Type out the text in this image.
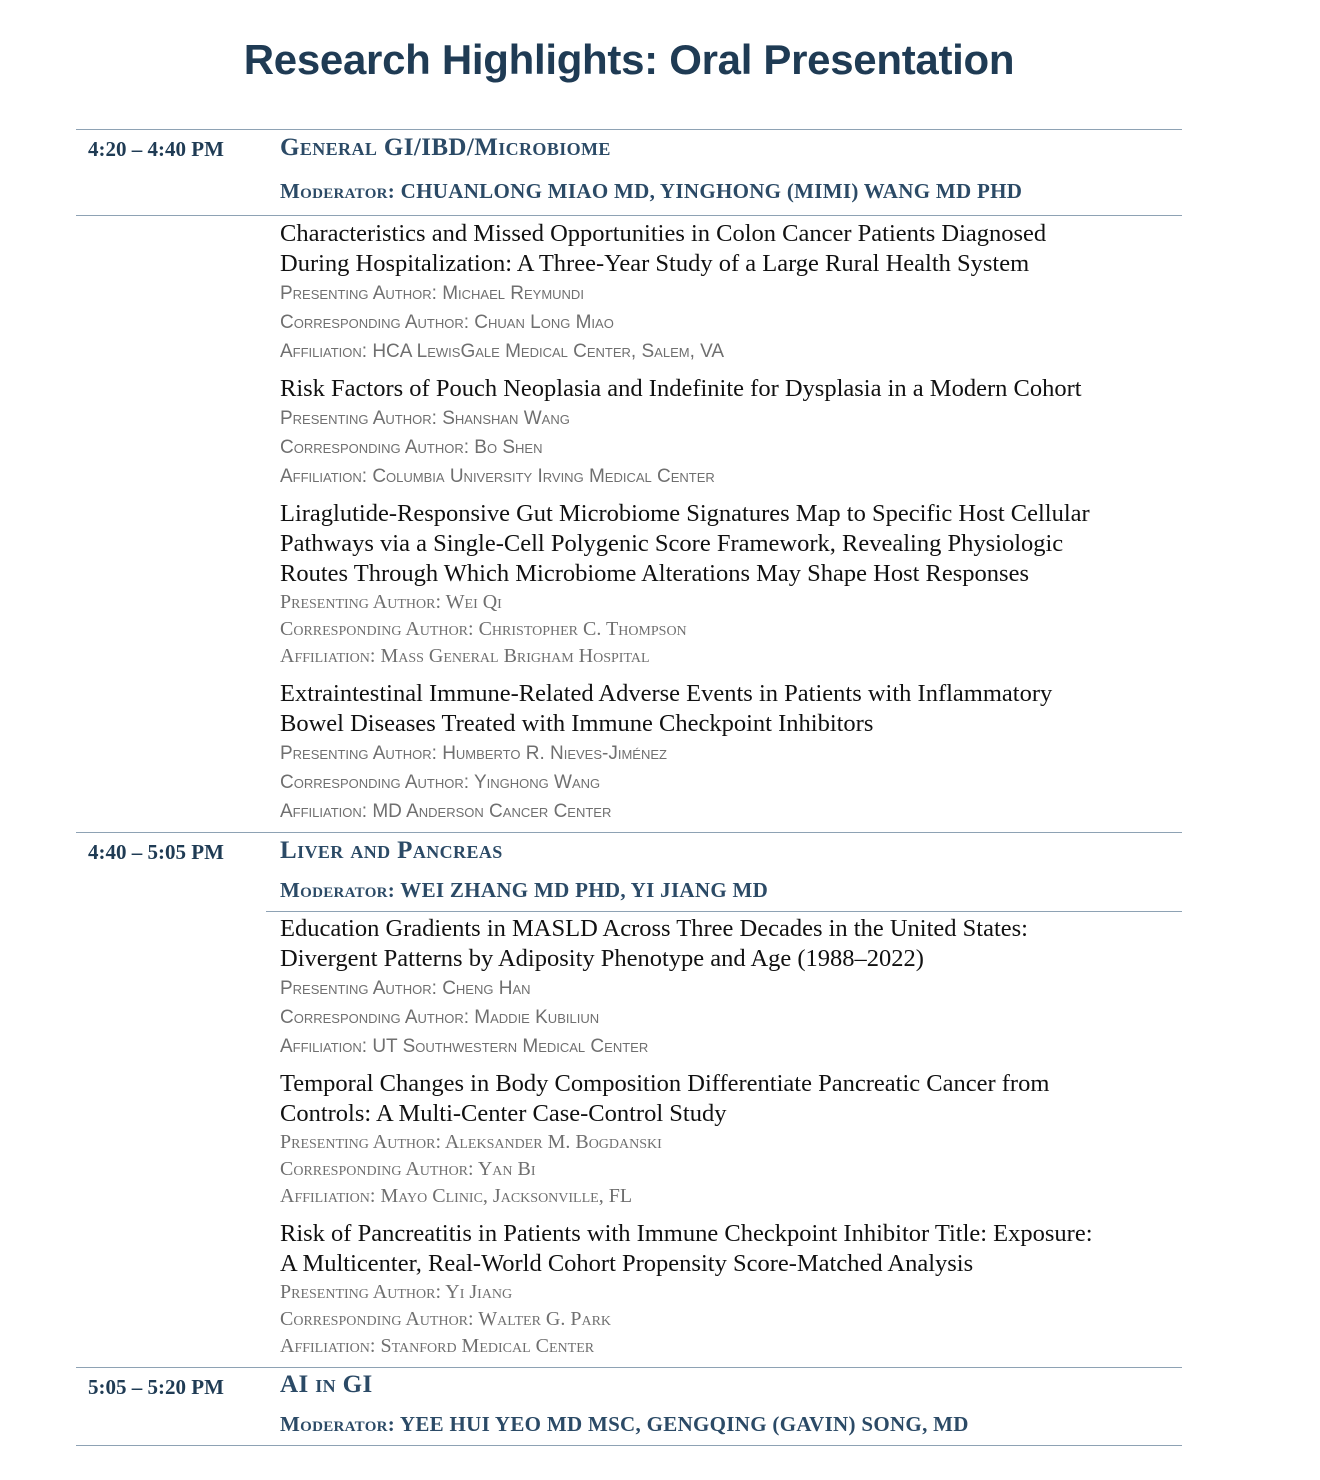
Research Highlights: Oral Presentation
4:20 – 4:40 PM General GI/IBD/Microbiome
Moderator: CHUANLONG MIAO MD, YINGHONG (MIMI) WANG MD PHD
Characteristics and Missed Opportunities in Colon Cancer Patients Diagnosed
During Hospitalization: A Three-Year Study of a Large Rural Health System
Presenting Author: Michael Reymundi
Corresponding Author: Chuan Long Miao
Affiliation: HCA LewisGale Medical Center, Salem, VA
Risk Factors of Pouch Neoplasia and Indefinite for Dysplasia in a Modern Cohort
Presenting Author: Shanshan Wang
Corresponding Author: Bo Shen
Affiliation: Columbia University Irving Medical Center
Liraglutide-Responsive Gut Microbiome Signatures Map to Specific Host Cellular
Pathways via a Single-Cell Polygenic Score Framework, Revealing Physiologic
Routes Through Which Microbiome Alterations May Shape Host Responses
Presenting Author: Wei Qi
Corresponding Author: Christopher C. Thompson
Affiliation: Mass General Brigham Hospital
Extraintestinal Immune-Related Adverse Events in Patients with Inflammatory
Bowel Diseases Treated with Immune Checkpoint Inhibitors
Presenting Author: Humberto R. Nieves-Jiménez
Corresponding Author: Yinghong Wang
Affiliation: MD Anderson Cancer Center
4:40 – 5:05 PM Liver and Pancreas
Moderator: WEI ZHANG MD PHD, YI JIANG MD
Education Gradients in MASLD Across Three Decades in the United States:
Divergent Patterns by Adiposity Phenotype and Age (1988–2022)
Presenting Author: Cheng Han
Corresponding Author: Maddie Kubiliun
Affiliation: UT Southwestern Medical Center
Temporal Changes in Body Composition Differentiate Pancreatic Cancer from
Controls: A Multi-Center Case-Control Study
Presenting Author: Aleksander M. Bogdanski
Corresponding Author: Yan Bi
Affiliation: Mayo Clinic, Jacksonville, FL
Risk of Pancreatitis in Patients with Immune Checkpoint Inhibitor Title: Exposure:
A Multicenter, Real-World Cohort Propensity Score-Matched Analysis
Presenting Author: Yi Jiang
Corresponding Author: Walter G. Park
Affiliation: Stanford Medical Center
5:05 – 5:20 PM AI in GI
Moderator: YEE HUI YEO MD MSC, GENGQING (GAVIN) SONG, MD
